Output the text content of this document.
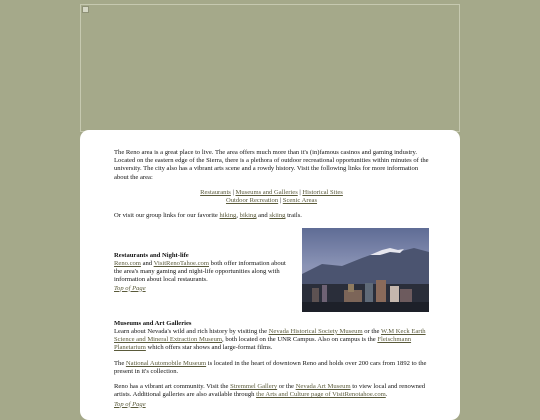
The Reno area is a great place to live. The area offers much more than it's (in)famous casinos and gaming industry. Located on the eastern edge of the Sierra, there is a plethora of outdoor recreational opportunities within minutes of the university. The city also has a vibrant arts scene and a rowdy history. Visit the following links for more information about the area:

Restaurants | Museums and Galleries | Historical Sites
Outdoor Recreation | Scenic Areas

Or visit our group links for our favorite hiking, biking and skiing trails.

Restaurants and Night-life
Reno.com and VisitRenoTahoe.com both offer information about the area's many gaming and night-life opportunities along with information about local restaurants.
Top of Page
Museums and Art Galleries

Learn about Nevada's wild and rich history by visiting the Nevada Historical Society Museum or the W.M Keck Earth Science and Mineral Extraction Museum, both located on the UNR Campus. Also on campus is the Fleischmann Planetarium which offers star shows and large-format films.

The National Automobile Museum is located in the heart of downtown Reno and holds over 200 cars from 1892 to the present in it's collection.

Reno has a vibrant art community. Visit the Stremmel Gallery or the Nevada Art Museum to view local and renowned artists. Additional galleries are also available through the Arts and Culture page of VisitRenotahoe.com.

Top of Page
